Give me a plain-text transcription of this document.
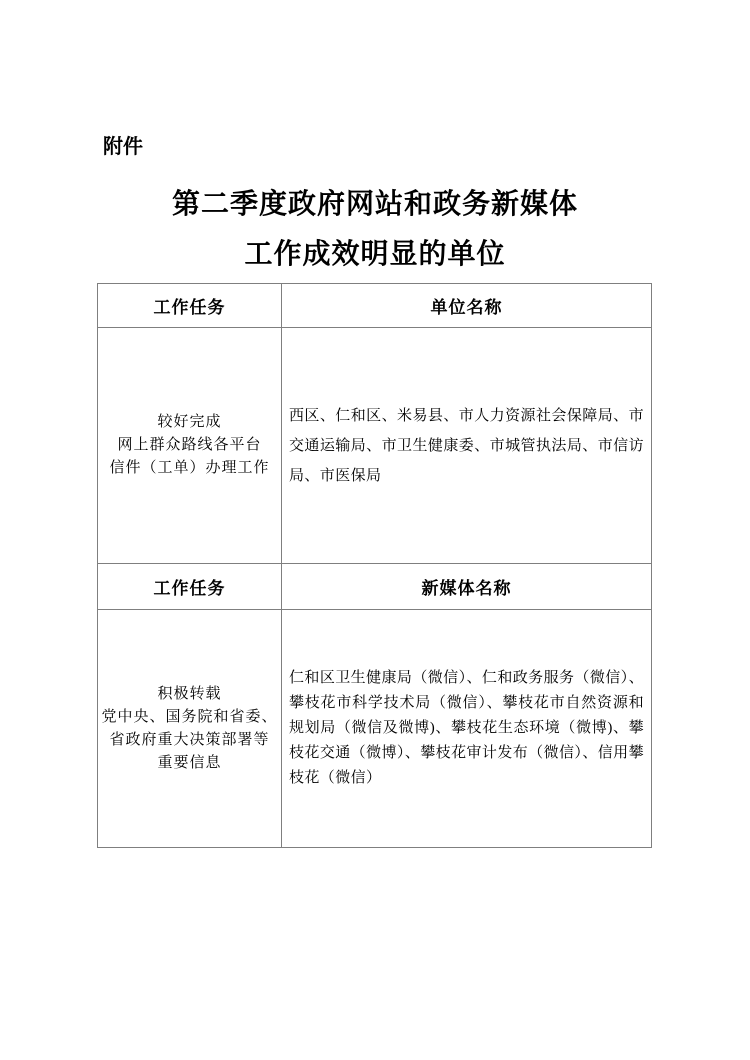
附件
第二季度政府网站和政务新媒体
工作成效明显的单位
工作任务	单位名称
较好完成
网上群众路线各平台
信件（工单）办理工作

西区、仁和区、米易县、市人力资源社会保障局、市交通运输局、市卫生健康委、市城管执法局、市信访局、市医保局

工作任务	新媒体名称
积极转载
党中央、国务院和省委、
省政府重大决策部署等
重要信息

仁和区卫生健康局（微信）、仁和政务服务（微信）、攀枝花市科学技术局（微信）、攀枝花市自然资源和规划局（微信及微博)、攀枝花生态环境（微博)、攀枝花交通（微博）、攀枝花审计发布（微信）、信用攀枝花（微信）
